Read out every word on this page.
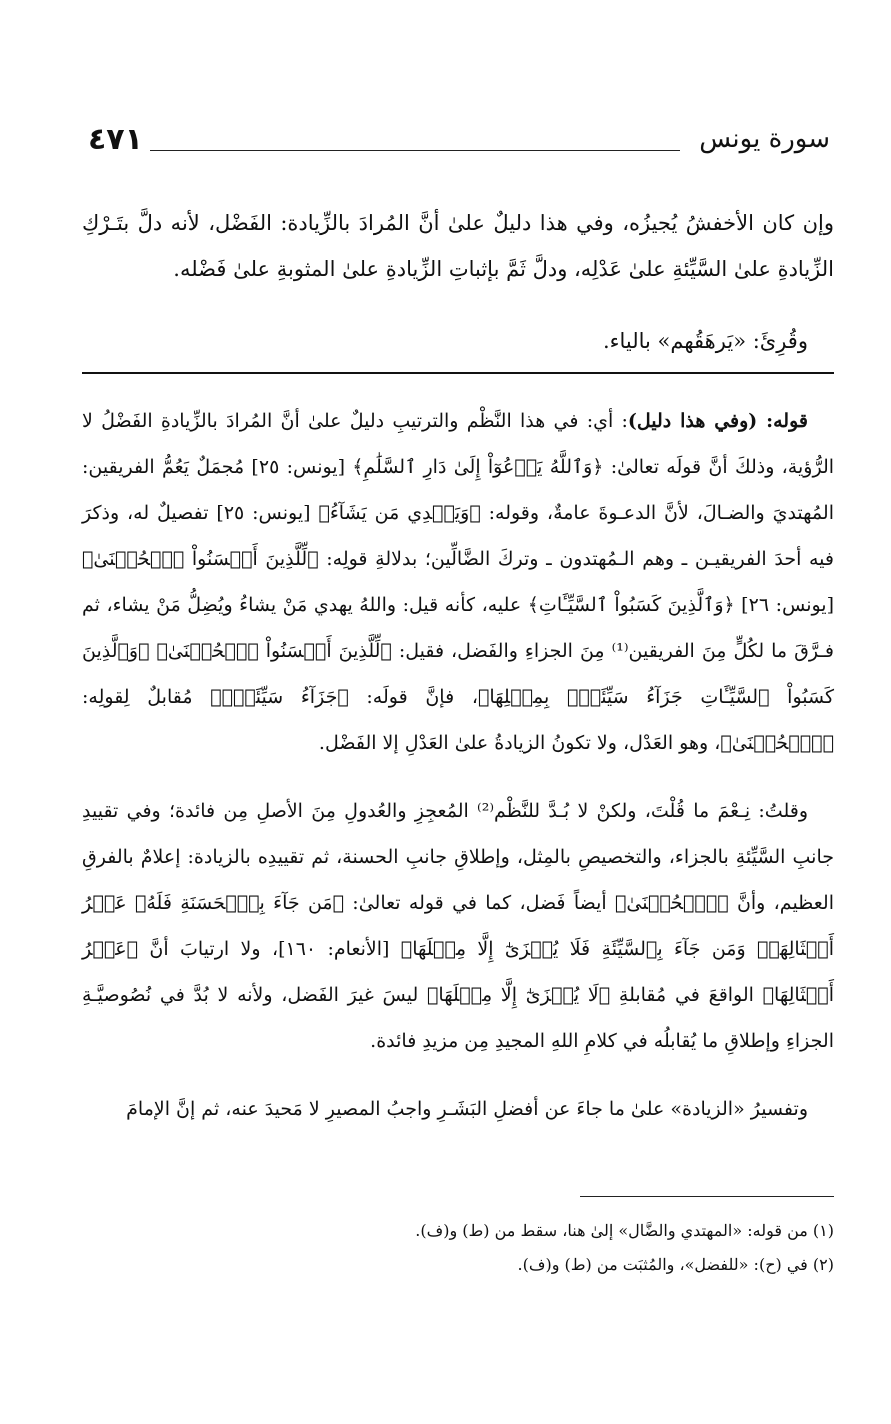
سورة يونس
٤٧١

وإن كان الأخفشُ يُجيزُه، وفي هذا دليلٌ علىٰ أنَّ المُرادَ بالزِّيادة: الفَضْل، لأنه دلَّ بتَـرْكِ الزِّيادةِ علىٰ السَّيِّئةِ علىٰ عَدْلِه، ودلَّ ثَمَّ بإثباتِ الزِّيادةِ علىٰ المثوبةِ علىٰ فَضْله.

وقُرِئَ: «يَرهَقُهم» بالياء.

قوله: (وفي هذا دليل): أي: في هذا النَّظْم والترتيبِ دليلٌ علىٰ أنَّ المُرادَ بالزِّيادةِ الفَضْلُ لا الرُّؤية، وذلكَ أنَّ قولَه تعالىٰ: ﴿وَٱللَّهُ يَدۡعُوٓاْ إِلَىٰ دَارِ ٱلسَّلَٰمِ﴾ [يونس: ٢٥] مُجمَلٌ يَعُمُّ الفريقين: المُهتديَ والضـالَ، لأنَّ الدعـوةَ عامةٌ، وقوله: ﴿وَيَهۡدِي مَن يَشَآءُ﴾ [يونس: ٢٥] تفصيلٌ له، وذكرَ فيه أحدَ الفريقيـن ـ وهم الـمُهتدون ـ وتركَ الضَّالِّين؛ بدلالةِ قولِه: ﴿لِّلَّذِينَ أَحۡسَنُواْ ٱلۡحُسۡنَىٰ﴾ [يونس: ٢٦] ﴿وَٱلَّذِينَ كَسَبُواْ ٱلسَّيِّـَٔاتِ﴾ عليه، كأنه قيل: واللهُ يهدي مَنْ يشاءُ ويُضِلُّ مَنْ يشاء، ثم فـرَّقَ ما لكُلٍّ مِنَ الفريقين⁽¹⁾ مِنَ الجزاءِ والفَضل، فقيل: ﴿لِّلَّذِينَ أَحۡسَنُواْ ٱلۡحُسۡنَىٰ﴾ ﴿وَٱلَّذِينَ كَسَبُواْ ٱلسَّيِّـَٔاتِ جَزَآءُ سَيِّئَةِۭ بِمِثۡلِهَا﴾، فإنَّ قولَه: ﴿جَزَآءُ سَيِّئَةِۭ﴾ مُقابلٌ لِقولِه: ﴿ٱلۡحُسۡنَىٰ﴾، وهو العَدْل، ولا تكونُ الزيادةُ علىٰ العَدْلِ إلا الفَضْل.

وقلتُ: نِـعْمَ ما قُلْتَ، ولكنْ لا بُـدَّ للنَّظْم⁽²⁾ المُعجِزِ والعُدولِ مِنَ الأصلِ مِن فائدة؛ وفي تقييدِ جانبِ السَّيِّئةِ بالجزاء، والتخصيصِ بالمِثل، وإطلاقِ جانبِ الحسنة، ثم تقييدِه بالزيادة: إعلامٌ بالفرقِ العظيم، وأنَّ ﴿ٱلۡحُسۡنَىٰ﴾ أيضاً فَضل، كما في قوله تعالىٰ: ﴿مَن جَآءَ بِٱلۡحَسَنَةِ فَلَهُۥ عَشۡرُ أَمۡثَالِهَاۖ وَمَن جَآءَ بِٱلسَّيِّئَةِ فَلَا يُجۡزَىٰٓ إِلَّا مِثۡلَهَا﴾ [الأنعام: ١٦٠]، ولا ارتيابَ أنَّ ﴿عَشۡرُ أَمۡثَالِهَا﴾ الواقعَ في مُقابلةِ ﴿لَا يُجۡزَىٰٓ إِلَّا مِثۡلَهَا﴾ ليسَ غيرَ الفَضل، ولأنه لا بُدَّ في نُصُوصيَّـةِ الجزاءِ وإطلاقِ ما يُقابلُه في كلامِ اللهِ المجيدِ مِن مزيدِ فائدة.

وتفسيرُ «الزيادة» علىٰ ما جاءَ عن أفضلِ البَشَـرِ واجبُ المصيرِ لا مَحيدَ عنه، ثم إنَّ الإمامَ

(١) من قوله: «المهتدي والضَّال» إلىٰ هنا، سقط من (ط) و(ف).

(٢) في (ح): «للفضل»، والمُثبَت من (ط) و(ف).
